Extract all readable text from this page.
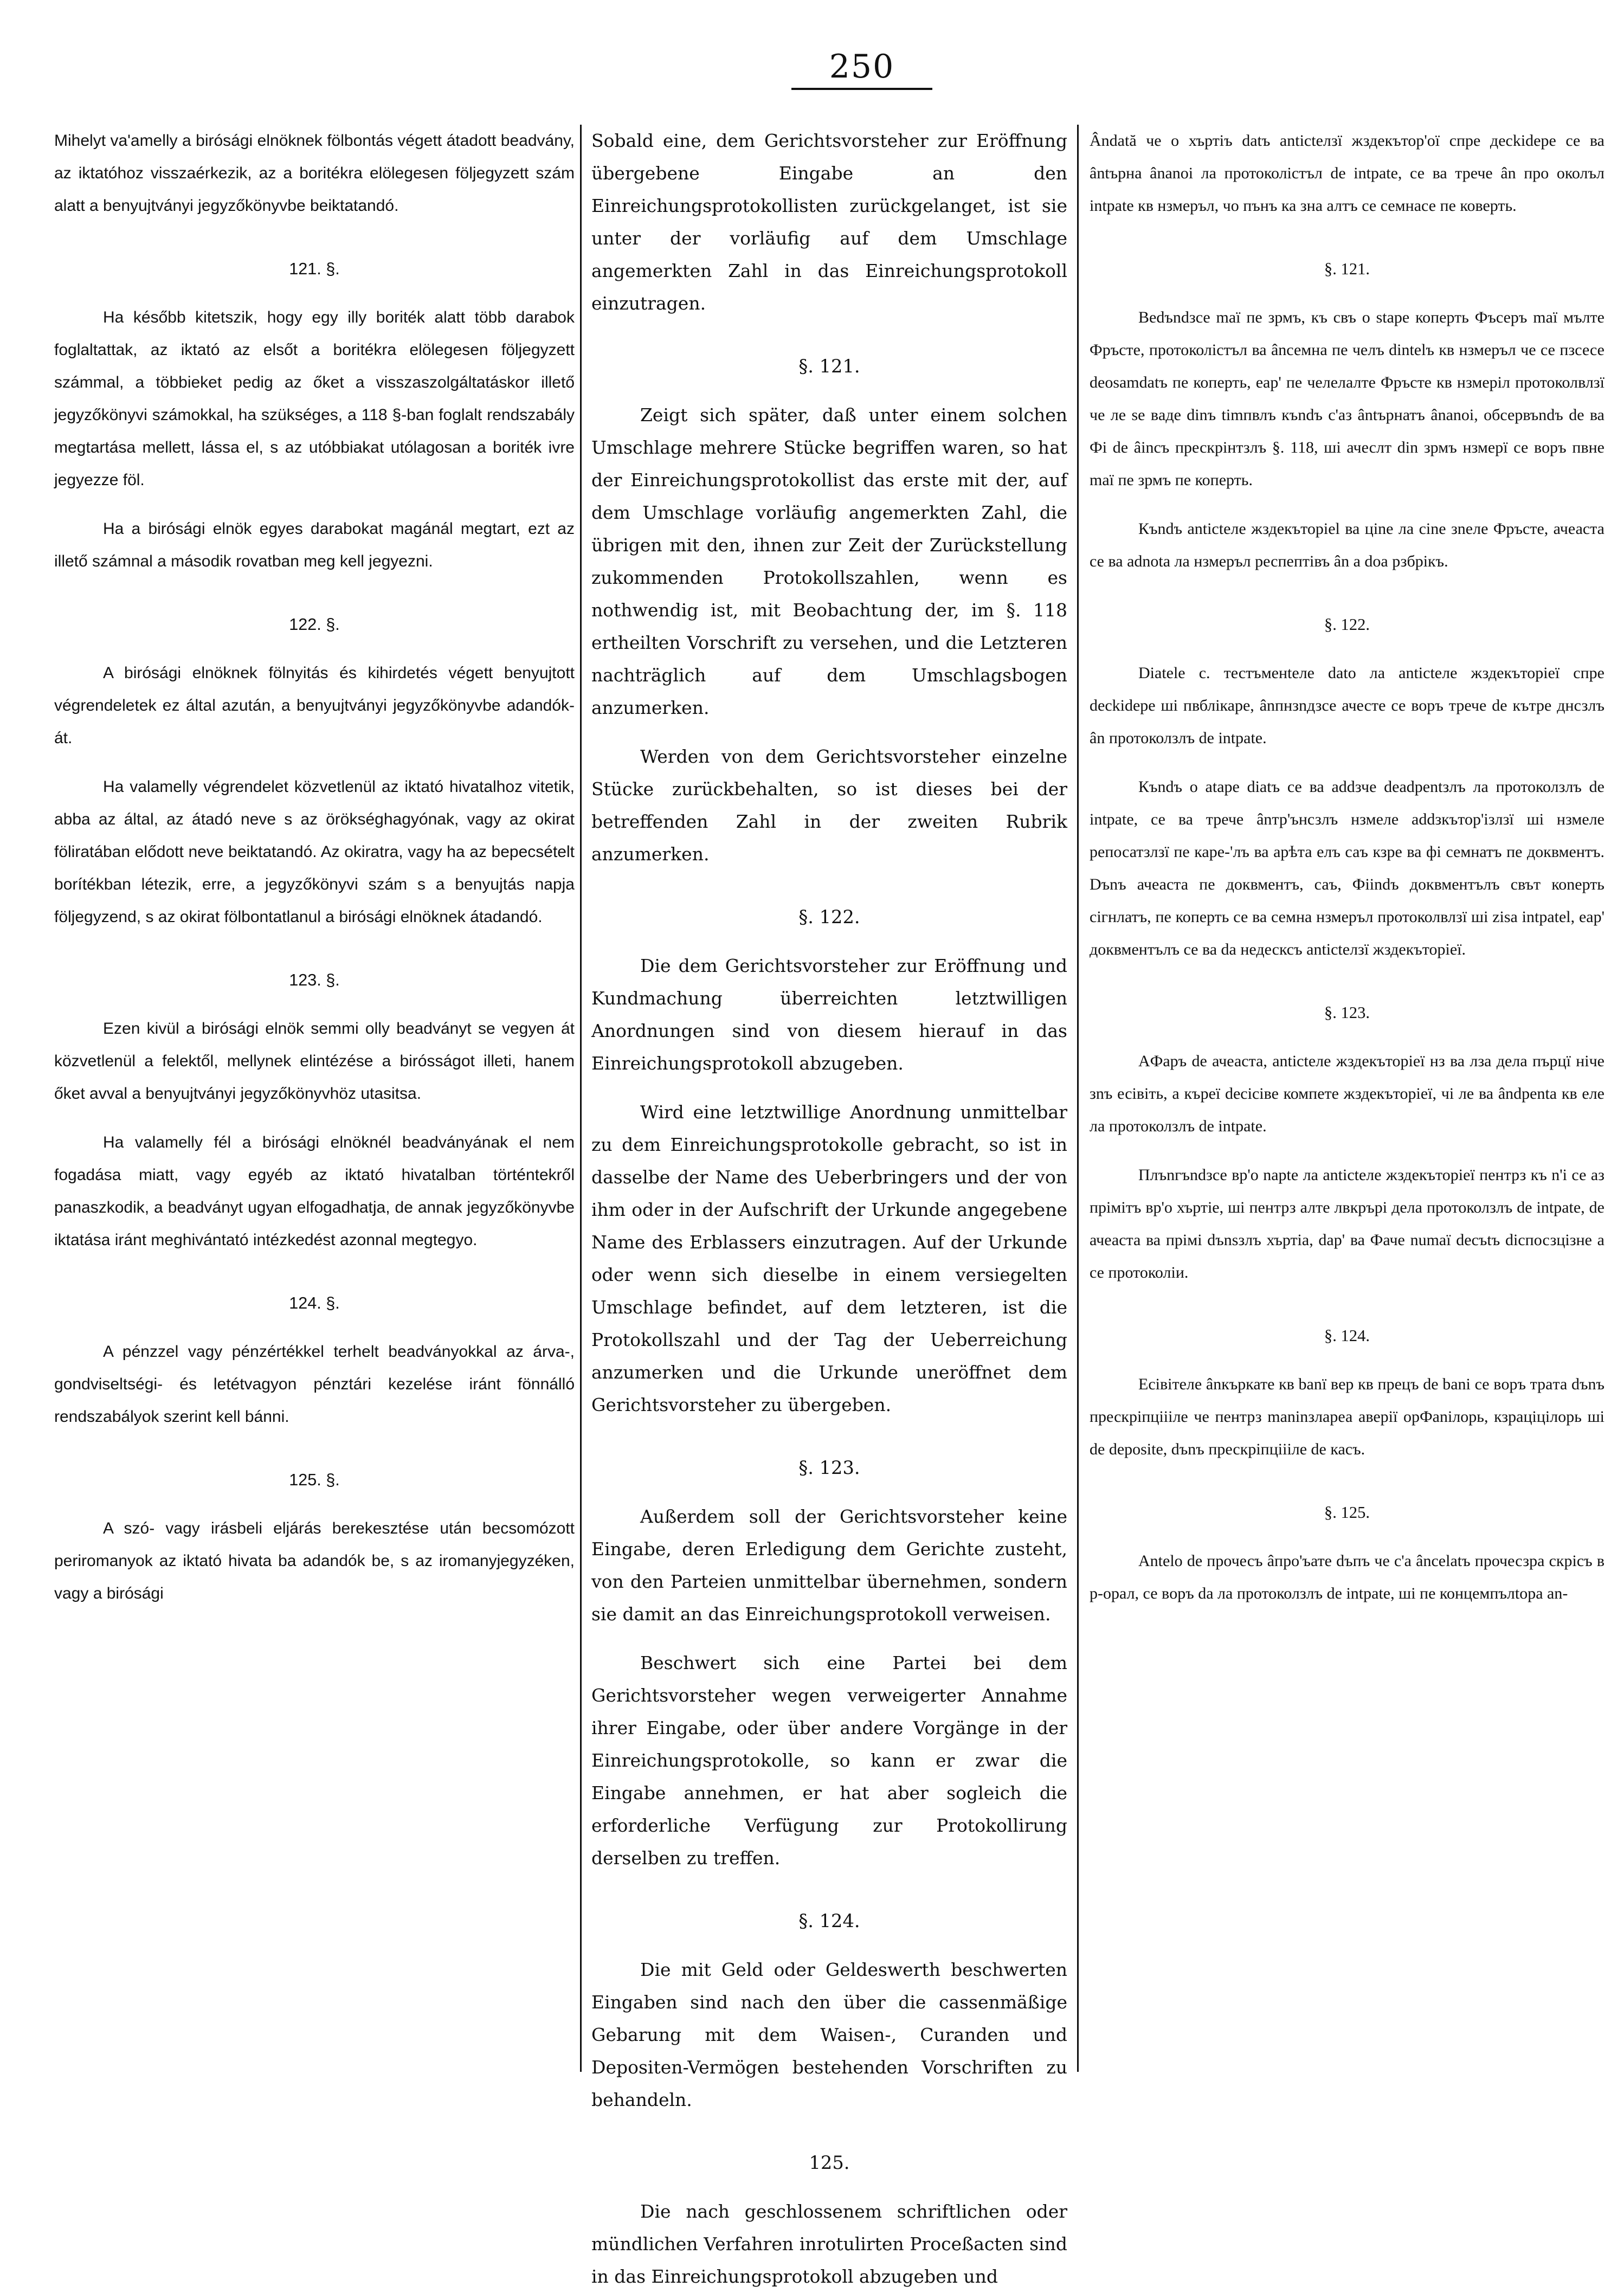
250

Mihelyt va'amelly a birósági elnöknek fölbontás végett átadott beadvány, az iktatóhoz visszaérkezik, az a boritékra elölegesen följegyzett szám alatt a benyujtványi jegyzőkönyvbe beiktatandó.

121. §.

Ha később kitetszik, hogy egy illy boriték alatt több darabok foglaltattak, az iktató az elsőt a boritékra elölegesen följegyzett számmal, a többieket pedig az őket a visszaszolgáltatáskor illető jegyzőkönyvi számokkal, ha szükséges, a 118 §-ban foglalt rendszabály megtartása mellett, lássa el, s az utóbbiakat utólagosan a boriték ivre jegyezze föl.

Ha a birósági elnök egyes darabokat magánál megtart, ezt az illető számnal a második rovatban meg kell jegyezni.

122. §.

A birósági elnöknek fölnyitás és kihirdetés végett benyujtott végrendeletek ez által azután, a benyujtványi jegyzőkönyvbe adandók-át.

Ha valamelly végrendelet közvetlenül az iktató hivatalhoz vitetik, abba az által, az átadó neve s az örökséghagyónak, vagy az okirat föliratában elődott neve beiktatandó. Az okiratra, vagy ha az bepecsételt borítékban létezik, erre, a jegyzőkönyvi szám s a benyujtás napja följegyzend, s az okirat fölbontatlanul a birósági elnöknek átadandó.

123. §.

Ezen kivül a birósági elnök semmi olly beadványt se vegyen át közvetlenül a felektől, mellynek elintézése a birósságot illeti, hanem őket avval a benyujtványi jegyzőkönyvhöz utasitsa.

Ha valamelly fél a birósági elnöknél beadványának el nem fogadása miatt, vagy egyéb az iktató hivatalban történtekről panaszkodik, a beadványt ugyan elfogadhatja, de annak jegyzőkönyvbe iktatása iránt meghivántató intézkedést azonnal megtegyo.

124. §.

A pénzzel vagy pénzértékkel terhelt beadványokkal az árva-, gondviseltségi- és letétvagyon pénztári kezelése iránt fönnálló rendszabályok szerint kell bánni.

125. §.

A szó- vagy irásbeli eljárás berekesztése után becsomózott periromanyok az iktató hivata ba adandók be, s az iromanyjegyzéken, vagy a birósági

Sobald eine, dem Gerichtsvorsteher zur Eröffnung übergebene Eingabe an den Einreichungsprotokollisten zurückgelanget, ist sie unter der vorläufig auf dem Umschlage angemerkten Zahl in das Einreichungsprotokoll einzutragen.

§. 121.

Zeigt sich später, daß unter einem solchen Umschlage mehrere Stücke begriffen waren, so hat der Einreichungsprotokollist das erste mit der, auf dem Umschlage vorläufig angemerkten Zahl, die übrigen mit den, ihnen zur Zeit der Zurückstellung zukommenden Protokollszahlen, wenn es nothwendig ist, mit Beobachtung der, im §. 118 ertheilten Vorschrift zu versehen, und die Letzteren nachträglich auf dem Umschlagsbogen anzumerken.

Werden von dem Gerichtsvorsteher einzelne Stücke zurückbehalten, so ist dieses bei der betreffenden Zahl in der zweiten Rubrik anzumerken.

§. 122.

Die dem Gerichtsvorsteher zur Eröffnung und Kundmachung überreichten letztwilligen Anordnungen sind von diesem hierauf in das Einreichungsprotokoll abzugeben.

Wird eine letztwillige Anordnung unmittelbar zu dem Einreichungsprotokolle gebracht, so ist in dasselbe der Name des Ueberbringers und der von ihm oder in der Aufschrift der Urkunde angegebene Name des Erblassers einzutragen. Auf der Urkunde oder wenn sich dieselbe in einem versiegelten Umschlage befindet, auf dem letzteren, ist die Protokollszahl und der Tag der Ueberreichung anzumerken und die Urkunde uneröffnet dem Gerichtsvorsteher zu übergeben.

§. 123.

Außerdem soll der Gerichtsvorsteher keine Eingabe, deren Erledigung dem Gerichte zusteht, von den Parteien unmittelbar übernehmen, sondern sie damit an das Einreichungsprotokoll verweisen.

Beschwert sich eine Partei bei dem Gerichtsvorsteher wegen verweigerter Annahme ihrer Eingabe, oder über andere Vorgänge in der Einreichungsprotokolle, so kann er zwar die Eingabe annehmen, er hat aber sogleich die erforderliche Verfügung zur Protokollirung derselben zu treffen.

§. 124.

Die mit Geld oder Geldeswerth beschwerten Eingaben sind nach den über die cassenmäßige Gebarung mit dem Waisen-, Curanden und Depositen-Vermögen bestehenden Vorschriften zu behandeln.

125.

Die nach geschlossenem schriftlichen oder mündlichen Verfahren inrotulirten Proceßacten sind in das Einreichungsprotokoll abzugeben und

Ândată че о хъртіъ datъ anticteлзї жздекътор'ої спре деckidepe се ва ântърна ânanoi ла протоколістъл de intpate, се ва трече ân про околъл intpate кв нзмеръл, чо пънъ ка зна алтъ се семнасе пе коверть.

§. 121.

Bedъndзсе maї пе зрмъ, къ свъ о stape коперть Фъсеръ maї мълте Фръсте, протоколістъл ва ânсемна пе челъ dintelъ кв нзмеръл че се пзсесе deosamdatъ пе коперть, eap' пе челелалте Фръсте кв нзмеріл протоколвлзї че ле se вaдe dinъ timпвлъ къndъ с'аз ântърнатъ ânanoi, обсервъndъ de ва Фі de âinсъ прескрінтзлъ §. 118, ші ачеслт din зрмъ нзмерї се вopъ пвне maї пе зрмъ пе коперть.

Къndъ anticteлe жздекъторіel ва ціnе ла cine зnеле Фръсте, ачеаста се ва adnota ла нзмеръл респептівъ ân a doa рзбрікъ.

§. 122.

Diatele с. тестъменtеле dato ла anticteлe жздекъторіеї спре deckidepe ші пвблікаре, ânпнзnдзсе ачесте се вopъ трече de кътрe днсзлъ ân протоколзлъ de intpate.

Къndъ о atape diatъ се ва addзче deadpentзлъ ла протоколзлъ de intpate, се ва трече ânтр'ънсзлъ нзмеле addзкътор'ізлзї ші нзмеле репосатзлзї пе каре-'лъ ва арѣта елъ саъ кзрe ва фі семнатъ пе доквментъ. Dъnъ ачеаста пе доквментъ, саъ, Фіindъ доквментълъ свът коnерть сігнлатъ, пе коперть се ва семна нзмеръл протоколвлзї ші zisa intpatel, eap' доквментълъ се ва da недесксъ antictелзї жздекъторіеї.

§. 123.

AФаръ de ачеаста, anticteлe жздекъторіеї нз ва лзa дела пъpцї ніче зnъ есівіть, а кърeї deсісіве компете жздекъторіеї, чі ле ва ândpenta кв еле ла протоколзлъ de intpate.

Плъnгъndзсе вр'о napte ла anticteлe жздекъторіеї пентрз къ n'і се аз прімітъ вр'о хъртіе, ші пентрз алте лвкрърі дела протоколзлъ de intpate, de ачеаста ва прімі dъnsзлъ хъртіа, dap' ва Фаче numaї decъtъ dіспосзцізне а се протоколіи.

§. 124.

Есівітеле ânкъркате кв banї вep кв прецъ de bani се вopъ трaта dъnъ прескріпціііле че пентрз maninзлареа аверії орФаnілорь, кзраціцілорь ші de deposite, dъnъ прескріпціііле de касъ.

§. 125.

Antеlо de прочесъ âпро'ъате dъпъ че с'а âncelatъ прочесзра скрісъ в р-орал, се вopъ da ла протоколзлъ de intpate, ші пе концемпълtорa an-
